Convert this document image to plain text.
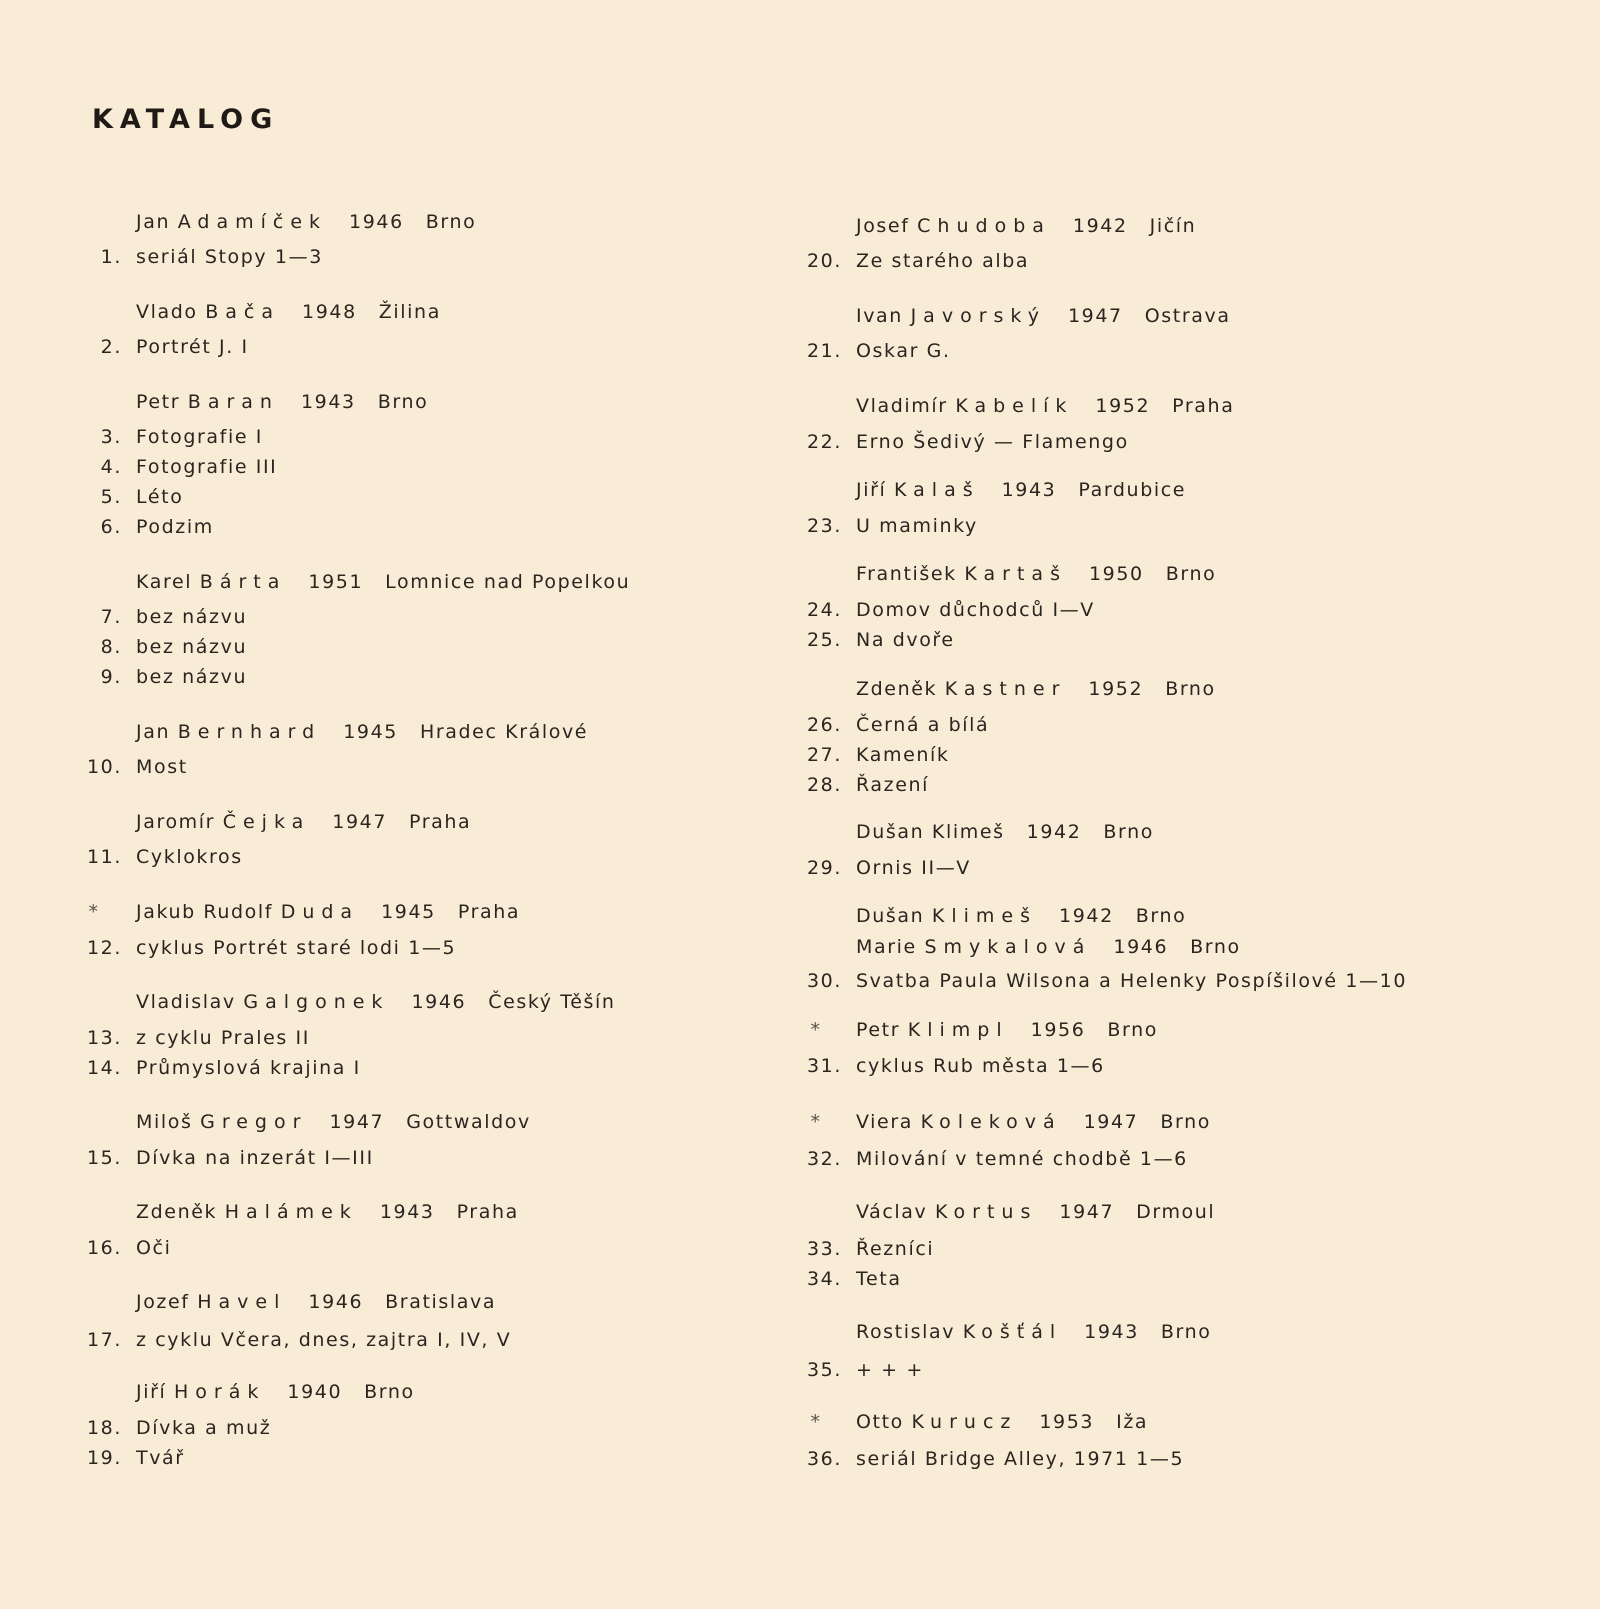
KATALOG
Jan Adamíček 1946 Brno
1. seriál Stopy 1—3
Vlado Bača 1948 Žilina
2. Portrét J. I
Petr Baran 1943 Brno
3. Fotografie I
4. Fotografie III
5. Léto
6. Podzim
Karel Bárta 1951 Lomnice nad Popelkou
7. bez názvu
8. bez názvu
9. bez názvu
Jan Bernhard 1945 Hradec Králové
10. Most
Jaromír Čejka 1947 Praha
11. Cyklokros
* Jakub Rudolf Duda 1945 Praha
12. cyklus Portrét staré lodi 1—5
Vladislav Galgonek 1946 Český Těšín
13. z cyklu Prales II
14. Průmyslová krajina I
Miloš Gregor 1947 Gottwaldov
15. Dívka na inzerát I—III
Zdeněk Halámek 1943 Praha
16. Oči
Jozef Havel 1946 Bratislava
17. z cyklu Včera, dnes, zajtra I, IV, V
Jiří Horák 1940 Brno
18. Dívka a muž
19. Tvář
Josef Chudoba 1942 Jičín
20. Ze starého alba
Ivan Javorský 1947 Ostrava
21. Oskar G.
Vladimír Kabelík 1952 Praha
22. Erno Šedivý — Flamengo
Jiří Kalaš 1943 Pardubice
23. U maminky
František Kartaš 1950 Brno
24. Domov důchodců I—V
25. Na dvoře
Zdeněk Kastner 1952 Brno
26. Černá a bílá
27. Kameník
28. Řazení
Dušan Klimeš 1942 Brno
29. Ornis II—V
Dušan Klimeš 1942 Brno
Marie Smykalová 1946 Brno
30. Svatba Paula Wilsona a Helenky Pospíšilové 1—10
* Petr Klimpl 1956 Brno
31. cyklus Rub města 1—6
* Viera Koleková 1947 Brno
32. Milování v temné chodbě 1—6
Václav Kortus 1947 Drmoul
33. Řezníci
34. Teta
Rostislav Košťál 1943 Brno
35. + + +
* Otto Kurucz 1953 Iža
36. seriál Bridge Alley, 1971 1—5
